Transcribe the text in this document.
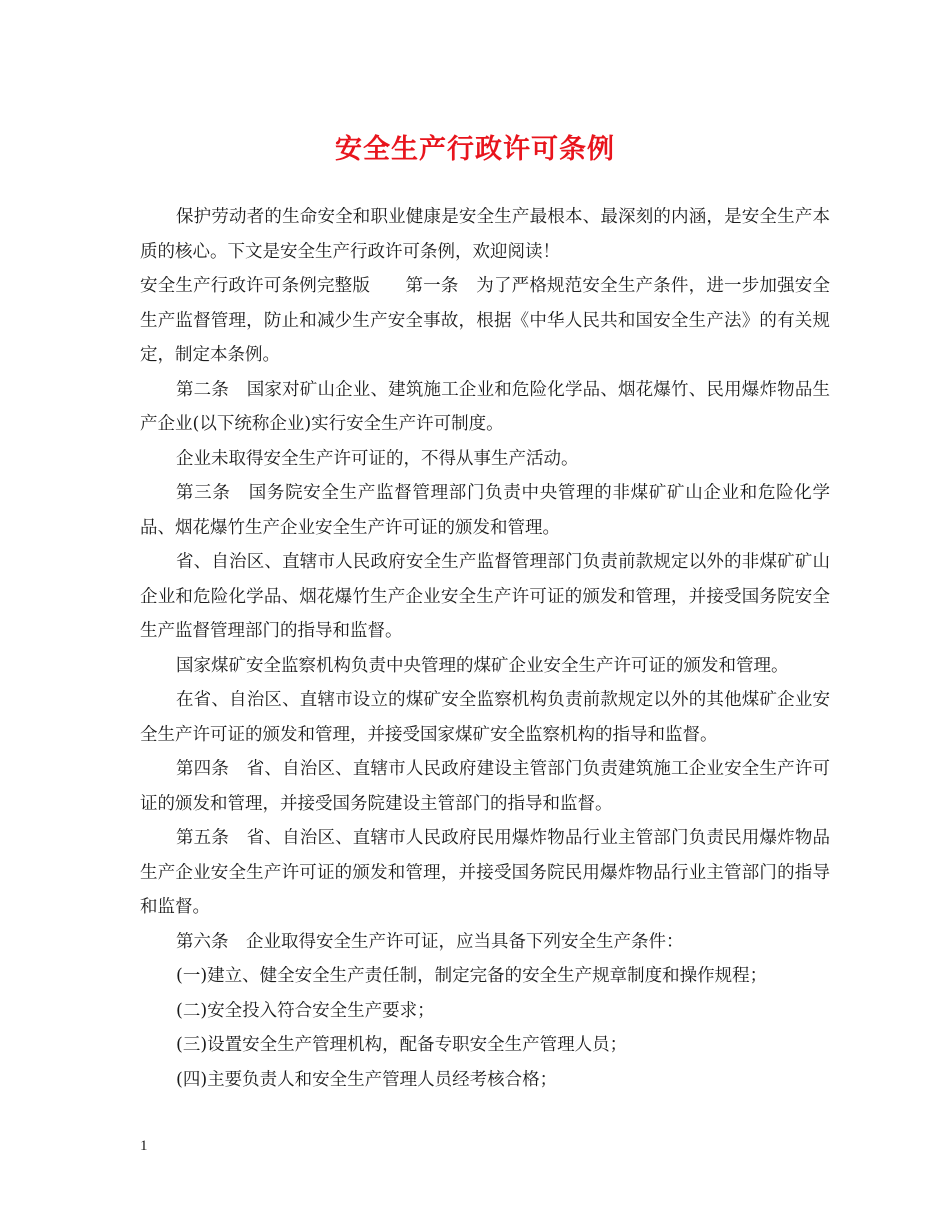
安全生产行政许可条例

保护劳动者的生命安全和职业健康是安全生产最根本、最深刻的内涵，是安全生产本质的核心。下文是安全生产行政许可条例，欢迎阅读！

安全生产行政许可条例完整版　　第一条　为了严格规范安全生产条件，进一步加强安全生产监督管理，防止和减少生产安全事故，根据《中华人民共和国安全生产法》的有关规定，制定本条例。

第二条　国家对矿山企业、建筑施工企业和危险化学品、烟花爆竹、民用爆炸物品生产企业(以下统称企业)实行安全生产许可制度。

企业未取得安全生产许可证的，不得从事生产活动。

第三条　国务院安全生产监督管理部门负责中央管理的非煤矿矿山企业和危险化学品、烟花爆竹生产企业安全生产许可证的颁发和管理。

省、自治区、直辖市人民政府安全生产监督管理部门负责前款规定以外的非煤矿矿山企业和危险化学品、烟花爆竹生产企业安全生产许可证的颁发和管理，并接受国务院安全生产监督管理部门的指导和监督。

国家煤矿安全监察机构负责中央管理的煤矿企业安全生产许可证的颁发和管理。

在省、自治区、直辖市设立的煤矿安全监察机构负责前款规定以外的其他煤矿企业安全生产许可证的颁发和管理，并接受国家煤矿安全监察机构的指导和监督。

第四条　省、自治区、直辖市人民政府建设主管部门负责建筑施工企业安全生产许可证的颁发和管理，并接受国务院建设主管部门的指导和监督。

第五条　省、自治区、直辖市人民政府民用爆炸物品行业主管部门负责民用爆炸物品生产企业安全生产许可证的颁发和管理，并接受国务院民用爆炸物品行业主管部门的指导和监督。

第六条　企业取得安全生产许可证，应当具备下列安全生产条件：

(一)建立、健全安全生产责任制，制定完备的安全生产规章制度和操作规程；

(二)安全投入符合安全生产要求；

(三)设置安全生产管理机构，配备专职安全生产管理人员；

(四)主要负责人和安全生产管理人员经考核合格；

1
